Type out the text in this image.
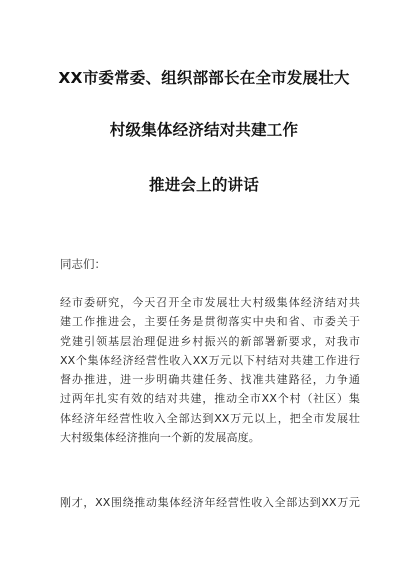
XX市委常委、组织部部长在全市发展壮大
村级集体经济结对共建工作
推进会上的讲话
同志们：
经市委研究，今天召开全市发展壮大村级集体经济结对共
建工作推进会，主要任务是贯彻落实中央和省、市委关于
党建引领基层治理促进乡村振兴的新部署新要求，对我市
XX个集体经济经营性收入XX万元以下村结对共建工作进行
督办推进，进一步明确共建任务、找准共建路径，力争通
过两年扎实有效的结对共建，推动全市XX个村（社区）集
体经济年经营性收入全部达到XX万元以上，把全市发展壮
大村级集体经济推向一个新的发展高度。
刚才，XX围绕推动集体经济年经营性收入全部达到XX万元
